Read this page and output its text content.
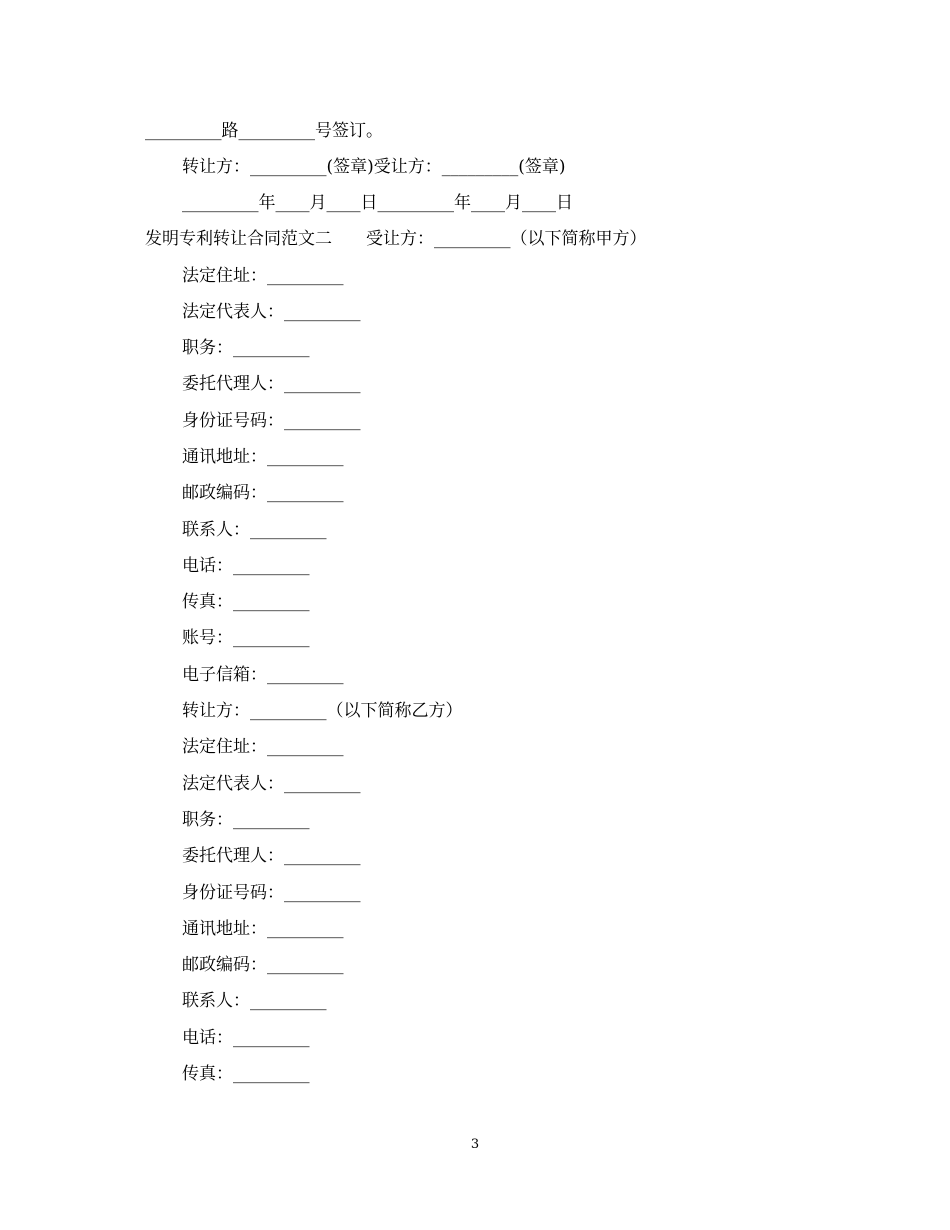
_________路_________号签订。
转让方：_________(签章)受让方：_________(签章)
_________年____月____日_________年____月____日
发明专利转让合同范文二　　受让方：_________（以下简称甲方）
法定住址：_________
法定代表人：_________
职务：_________
委托代理人：_________
身份证号码：_________
通讯地址：_________
邮政编码：_________
联系人：_________
电话：_________
传真：_________
账号：_________
电子信箱：_________
转让方：_________（以下简称乙方）
法定住址：_________
法定代表人：_________
职务：_________
委托代理人：_________
身份证号码：_________
通讯地址：_________
邮政编码：_________
联系人：_________
电话：_________
传真：_________
3
